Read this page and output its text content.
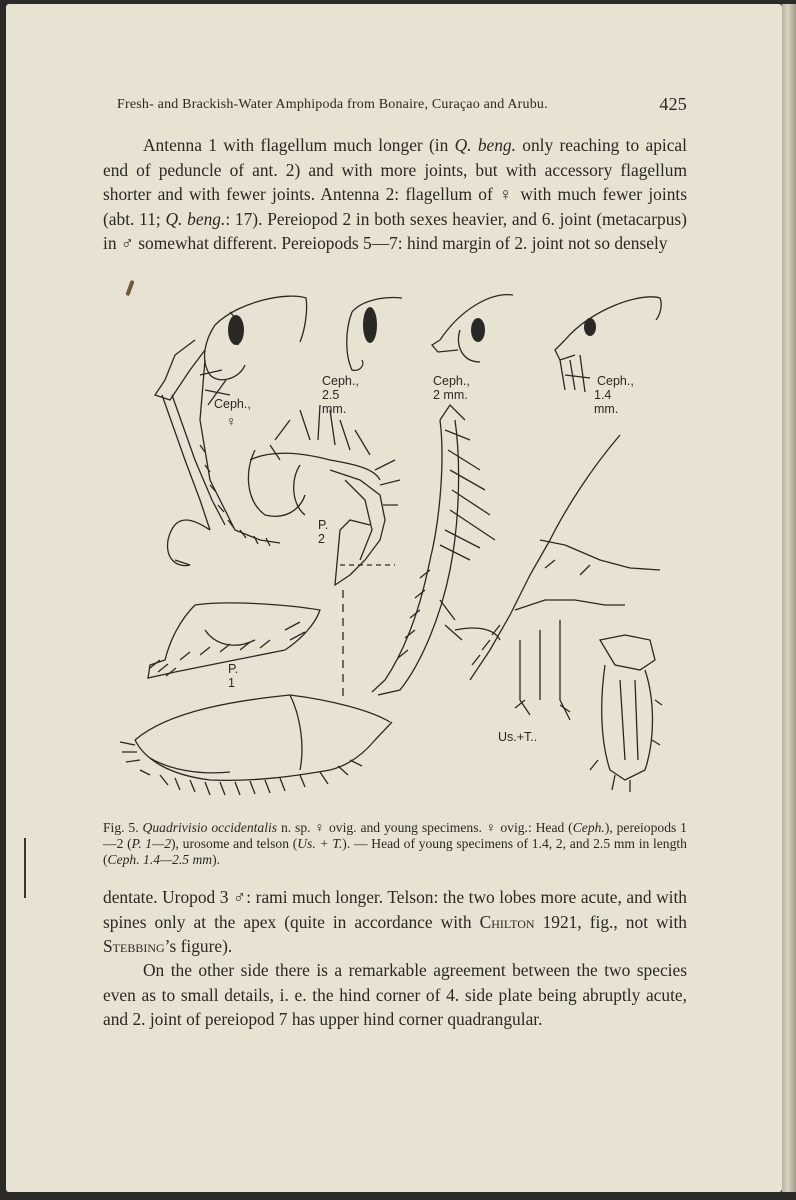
Fresh- and Brackish-Water Amphipoda from Bonaire, Curaçao and Arubu.	425
Antenna 1 with flagellum much longer (in Q. beng. only reaching to apical end of peduncle of ant. 2) and with more joints, but with accessory flagellum shorter and with fewer joints. Antenna 2: flagellum of ♀ with much fewer joints (abt. 11; Q. beng.: 17). Pereiopod 2 in both sexes heavier, and 6. joint (metacarpus) in ♂ somewhat different. Pereiopods 5—7: hind margin of 2. joint not so densely
Ceph.,
♀
Ceph., 2.5 mm.
Ceph., 2 mm.
Ceph.,
1.4 mm.
P. 2
P. 1
Us.+T..
Fig. 5. Quadrivisio occidentalis n. sp. ♀ ovig. and young specimens. ♀ ovig.: Head (Ceph.), pereiopods 1—2 (P. 1—2), urosome and telson (Us. + T.). — Head of young specimens of 1.4, 2, and 2.5 mm in length (Ceph. 1.4—2.5 mm).
dentate. Uropod 3 ♂: rami much longer. Telson: the two lobes more acute, and with spines only at the apex (quite in accordance with Chilton 1921, fig., not with Stebbing’s figure).
On the other side there is a remarkable agreement between the two species even as to small details, i. e. the hind corner of 4. side plate being abruptly acute, and 2. joint of pereiopod 7 has upper hind corner quadrangular.
